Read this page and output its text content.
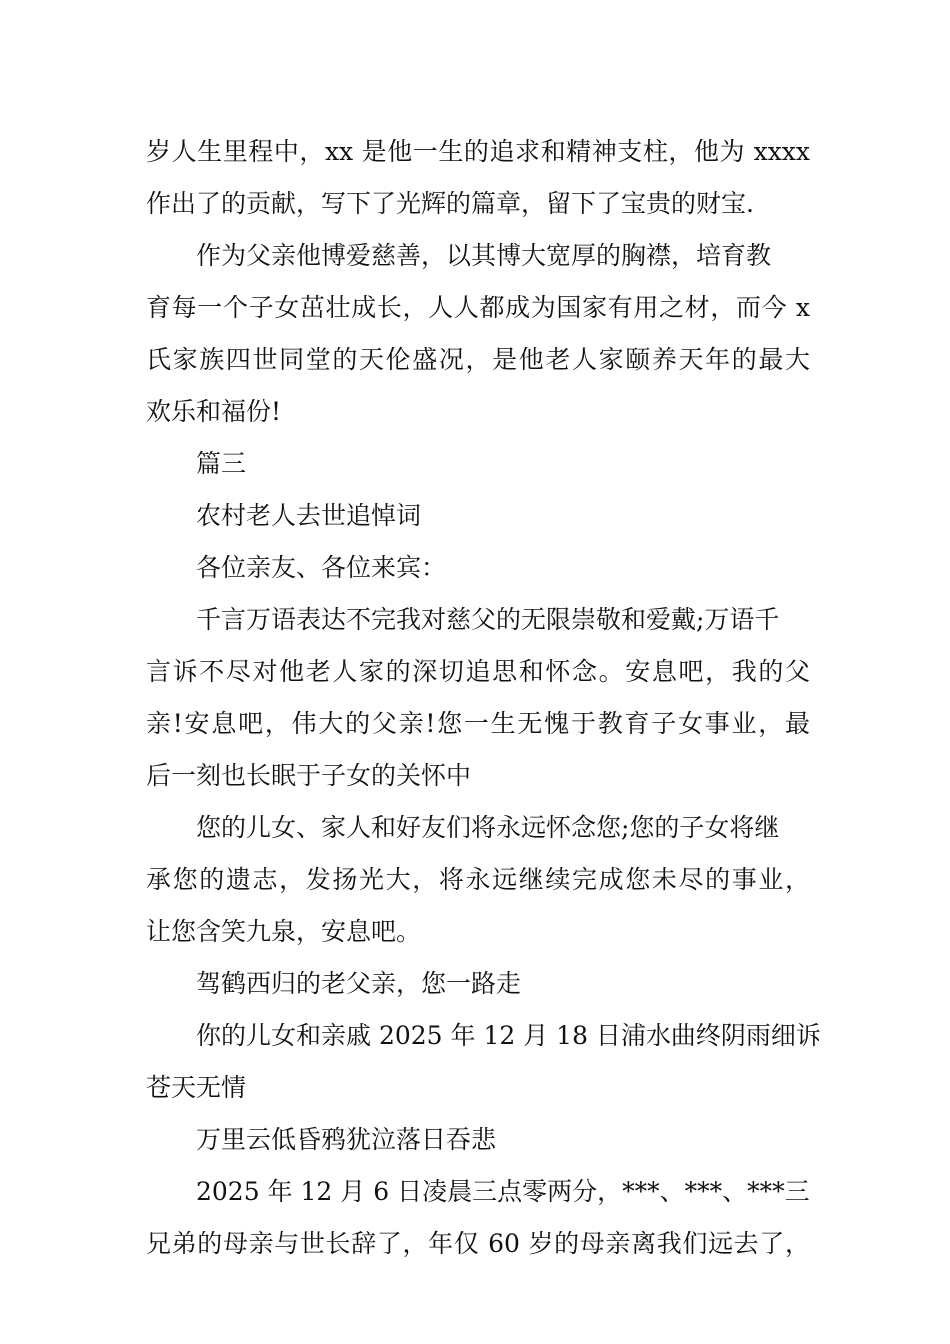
岁人生里程中，xx 是他一生的追求和精神支柱，他为 xxxx
作出了的贡献，写下了光辉的篇章，留下了宝贵的财宝.
作为父亲他博爱慈善，以其博大宽厚的胸襟，培育教
育每一个子女茁壮成长，人人都成为国家有用之材，而今 x
氏家族四世同堂的天伦盛况，是他老人家颐养天年的最大
欢乐和福份!
篇三
农村老人去世追悼词
各位亲友、各位来宾：
千言万语表达不完我对慈父的无限崇敬和爱戴;万语千
言诉不尽对他老人家的深切追思和怀念。安息吧，我的父
亲!安息吧，伟大的父亲!您一生无愧于教育子女事业，最
后一刻也长眠于子女的关怀中
您的儿女、家人和好友们将永远怀念您;您的子女将继
承您的遗志，发扬光大，将永远继续完成您未尽的事业，
让您含笑九泉，安息吧。
驾鹤西归的老父亲，您一路走
你的儿女和亲戚 2025 年 12 月 18 日浦水曲终阴雨细诉
苍天无情
万里云低昏鸦犹泣落日吞悲
2025 年 12 月 6 日凌晨三点零两分，***、***、***三
兄弟的母亲与世长辞了，年仅 60 岁的母亲离我们远去了，
